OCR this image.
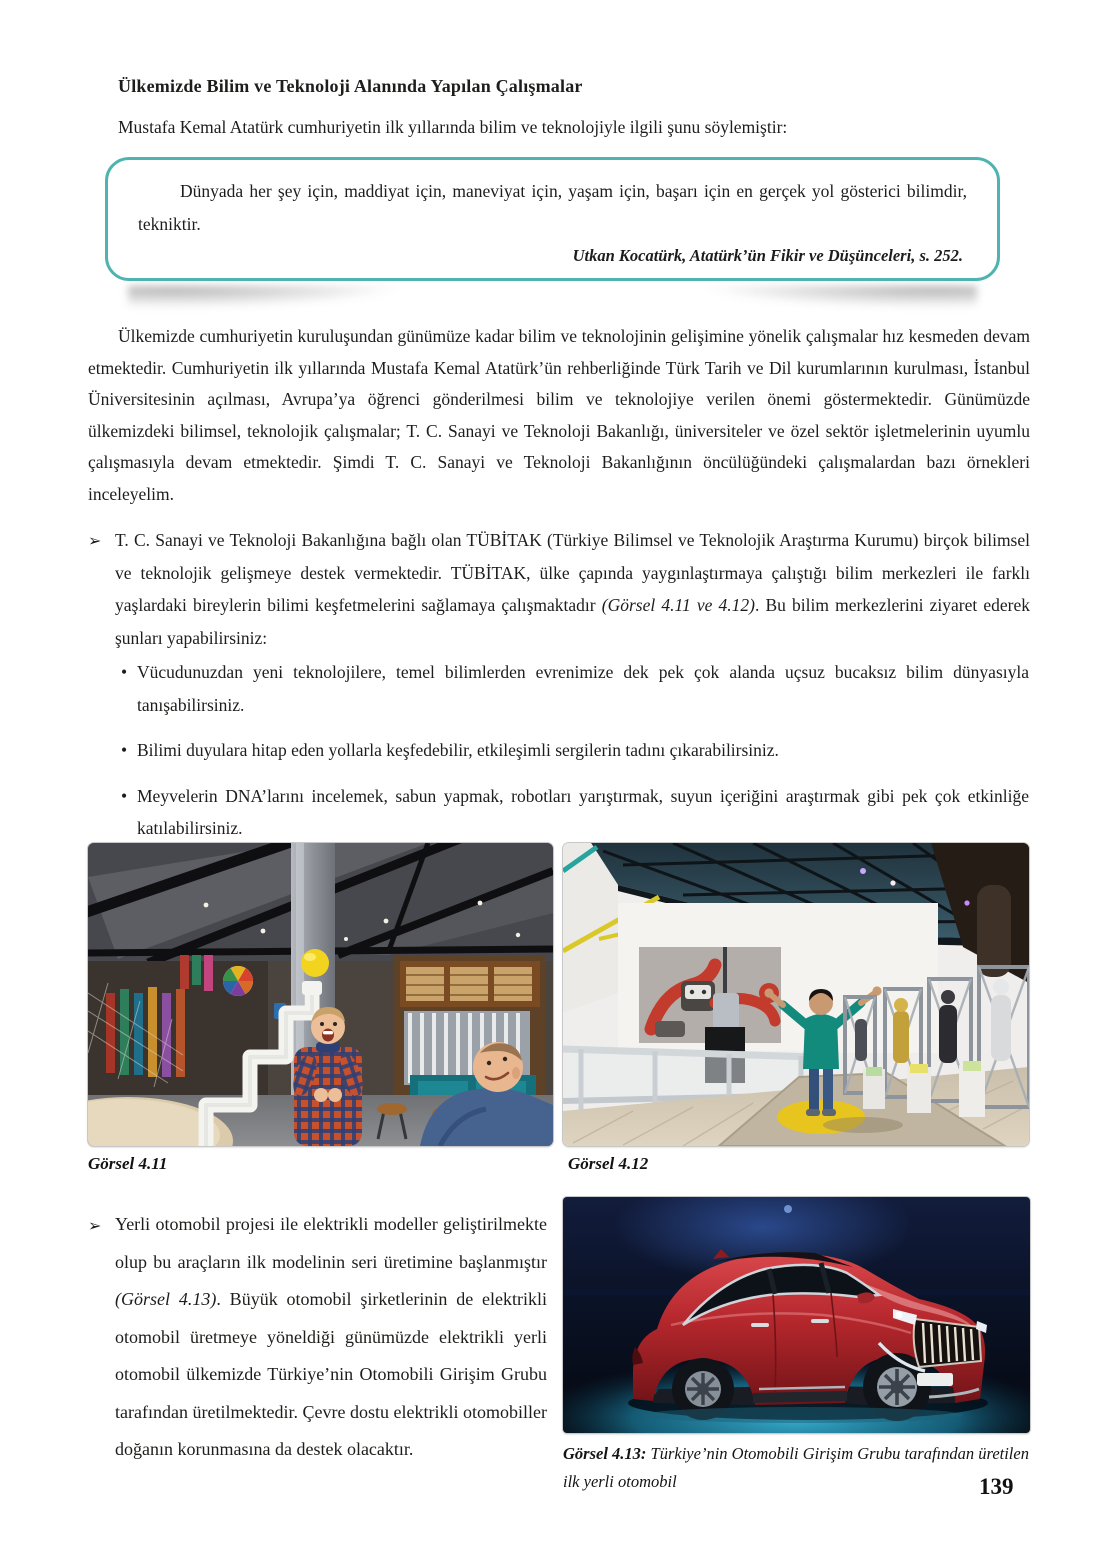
Ülkemizde Bilim ve Teknoloji Alanında Yapılan Çalışmalar
Mustafa Kemal Atatürk cumhuriyetin ilk yıllarında bilim ve teknolojiyle ilgili şunu söylemiştir:
Dünyada her şey için, maddiyat için, maneviyat için, yaşam için, başarı için en gerçek yol gösterici bilimdir, tekniktir.
Utkan Kocatürk, Atatürk’ün Fikir ve Düşünceleri, s. 252.
Ülkemizde cumhuriyetin kuruluşundan günümüze kadar bilim ve teknolojinin gelişimine yönelik çalışmalar hız kesmeden devam etmektedir. Cumhuriyetin ilk yıllarında Mustafa Kemal Atatürk’ün rehberliğinde Türk Tarih ve Dil kurumlarının kurulması, İstanbul Üniversitesinin açılması, Avrupa’ya öğrenci gönderilmesi bilim ve teknolojiye verilen önemi göstermektedir. Günümüzde ülkemizdeki bilimsel, teknolojik çalışmalar; T. C. Sanayi ve Teknoloji Bakanlığı, üniversiteler ve özel sektör işletmelerinin uyumlu çalışmasıyla devam etmektedir. Şimdi T. C. Sanayi ve Teknoloji Bakanlığının öncülüğündeki çalışmalardan bazı örnekleri inceleyelim.
➢ T. C. Sanayi ve Teknoloji Bakanlığına bağlı olan TÜBİTAK (Türkiye Bilimsel ve Teknolojik Araştırma Kurumu) birçok bilimsel ve teknolojik gelişmeye destek vermektedir. TÜBİTAK, ülke çapında yaygınlaştırmaya çalıştığı bilim merkezleri ile farklı yaşlardaki bireylerin bilimi keşfetmelerini sağlamaya çalışmaktadır (Görsel 4.11 ve 4.12). Bu bilim merkezlerini ziyaret ederek şunları yapabilirsiniz:
• Vücudunuzdan yeni teknolojilere, temel bilimlerden evrenimize dek pek çok alanda uçsuz bucaksız bilim dünyasıyla tanışabilirsiniz.
• Bilimi duyulara hitap eden yollarla keşfedebilir, etkileşimli sergilerin tadını çıkarabilirsiniz.
• Meyvelerin DNA’larını incelemek, sabun yapmak, robotları yarıştırmak, suyun içeriğini araştırmak gibi pek çok etkinliğe katılabilirsiniz.
Görsel 4.11	Görsel 4.12
➢ Yerli otomobil projesi ile elektrikli modeller geliştirilmekte olup bu araçların ilk modelinin seri üretimine başlanmıştır (Görsel 4.13). Büyük otomobil şirketlerinin de elektrikli otomobil üretmeye yöneldiği günümüzde elektrikli yerli otomobil ülkemizde Türkiye’nin Otomobili Girişim Grubu tarafından üretilmektedir. Çevre dostu elektrikli otomobiller doğanın korunmasına da destek olacaktır.	Görsel 4.13: Türkiye’nin Otomobili Girişim Grubu tarafından üretilen ilk yerli otomobil	139
